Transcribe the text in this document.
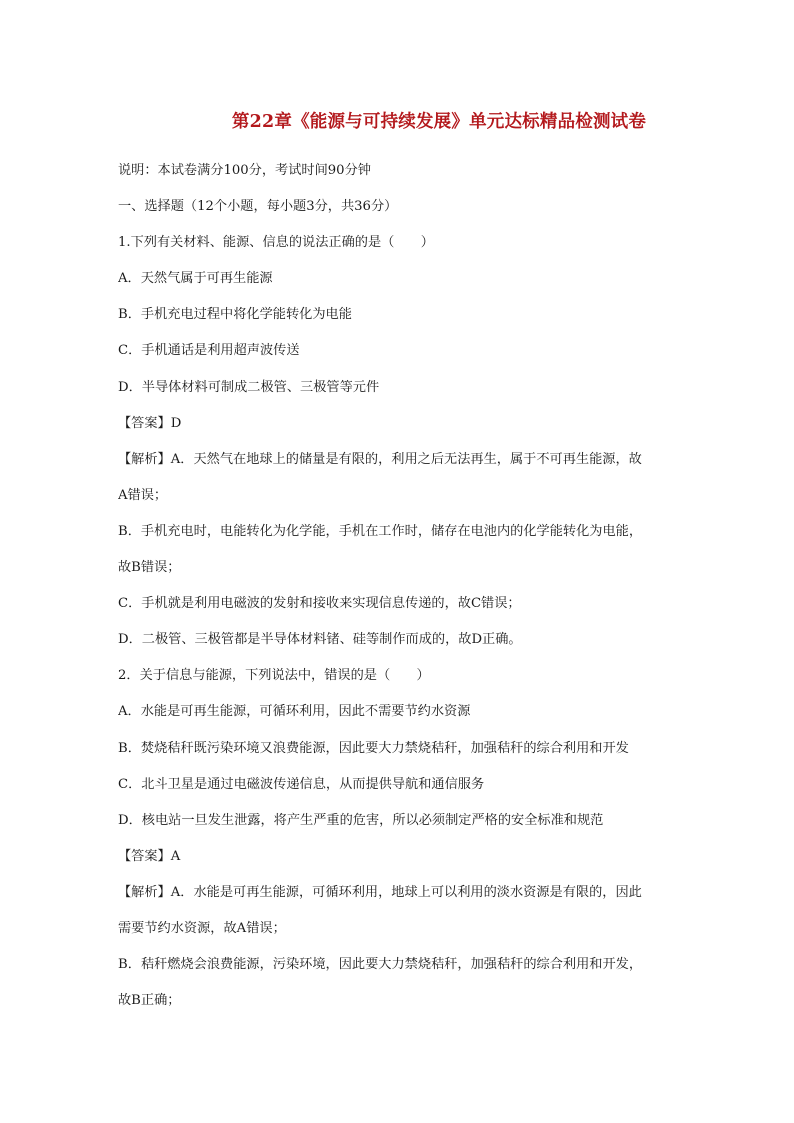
第22章《能源与可持续发展》单元达标精品检测试卷
说明：本试卷满分100分，考试时间90分钟
一、选择题（12个小题，每小题3分，共36分）
1.下列有关材料、能源、信息的说法正确的是（　　）
A．天然气属于可再生能源
B．手机充电过程中将化学能转化为电能
C．手机通话是利用超声波传送
D．半导体材料可制成二极管、三极管等元件
【答案】D
【解析】A．天然气在地球上的储量是有限的，利用之后无法再生，属于不可再生能源，故
A错误；
B．手机充电时，电能转化为化学能，手机在工作时，储存在电池内的化学能转化为电能，
故B错误；
C．手机就是利用电磁波的发射和接收来实现信息传递的，故C错误；
D．二极管、三极管都是半导体材料锗、硅等制作而成的，故D正确。
2．关于信息与能源，下列说法中，错误的是（　　）
A．水能是可再生能源，可循环利用，因此不需要节约水资源
B．焚烧秸秆既污染环境又浪费能源，因此要大力禁烧秸秆，加强秸秆的综合利用和开发
C．北斗卫星是通过电磁波传递信息，从而提供导航和通信服务
D．核电站一旦发生泄露，将产生严重的危害，所以必须制定严格的安全标准和规范
【答案】A
【解析】A．水能是可再生能源，可循环利用，地球上可以利用的淡水资源是有限的，因此
需要节约水资源，故A错误；
B．秸秆燃烧会浪费能源，污染环境，因此要大力禁烧秸秆，加强秸秆的综合利用和开发，
故B正确；
